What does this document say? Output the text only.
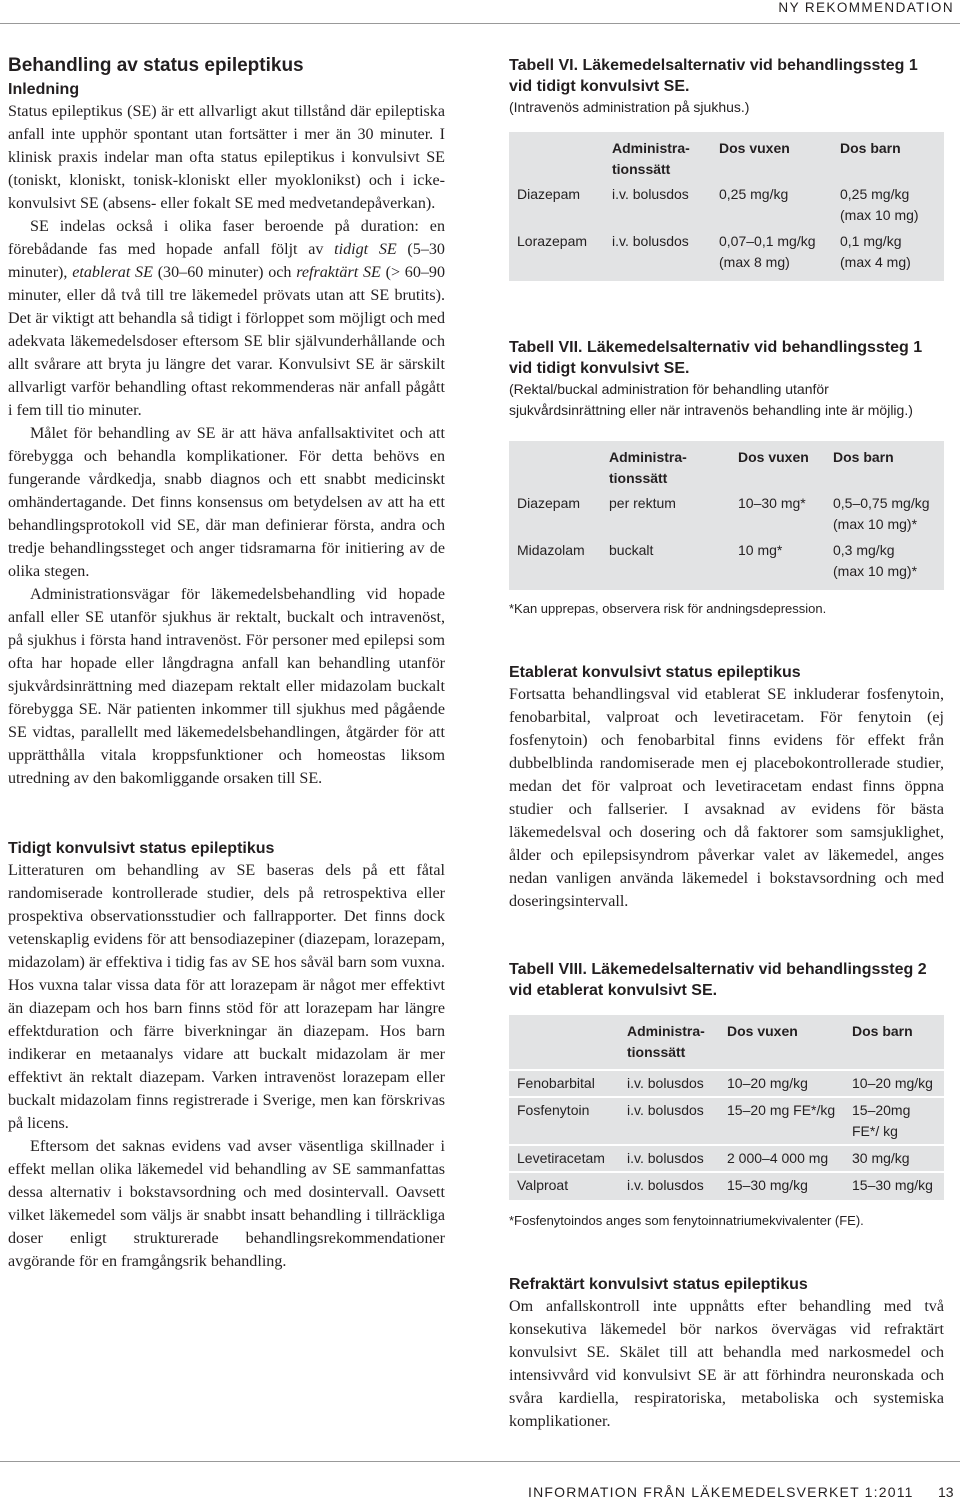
NY REKOMMENDATION

Behandling av status epileptikus

Inledning

Status epileptikus (SE) är ett allvarligt akut tillstånd där epileptiska anfall inte upphör spontant utan fortsätter i mer än 30 minuter. I klinisk praxis indelar man ofta status epileptikus i konvulsivt SE (toniskt, kloniskt, tonisk-kloniskt eller myoklonikst) och i icke-konvulsivt SE (absens- eller fokalt SE med medvetandepåverkan).

SE indelas också i olika faser beroende på duration: en förebådande fas med hopade anfall följt av tidigt SE (5–30 minuter), etablerat SE (30–60 minuter) och refraktärt SE (> 60–90 minuter, eller då två till tre läkemedel prövats utan att SE brutits). Det är viktigt att behandla så tidigt i förloppet som möjligt och med adekvata läkemedelsdoser eftersom SE blir självunderhållande och allt svårare att bryta ju längre det varar. Konvulsivt SE är särskilt allvarligt varför behandling oftast rekommenderas när anfall pågått i fem till tio minuter.

Målet för behandling av SE är att häva anfallsaktivitet och att förebygga och behandla komplikationer. För detta behövs en fungerande vårdkedja, snabb diagnos och ett snabbt medicinskt omhändertagande. Det finns konsensus om betydelsen av att ha ett behandlingsprotokoll vid SE, där man definierar första, andra och tredje behandlingssteget och anger tidsramarna för initiering av de olika stegen.

Administrationsvägar för läkemedelsbehandling vid hopade anfall eller SE utanför sjukhus är rektalt, buckalt och intravenöst, på sjukhus i första hand intravenöst. För personer med epilepsi som ofta har hopade eller långdragna anfall kan behandling utanför sjukvårdsinrättning med diazepam rektalt eller midazolam buckalt förebygga SE. När patienten inkommer till sjukhus med pågående SE vidtas, parallellt med läkemedelsbehandlingen, åtgärder för att upprätthålla vitala kroppsfunktioner och homeostas liksom utredning av den bakomliggande orsaken till SE.

Tidigt konvulsivt status epileptikus

Litteraturen om behandling av SE baseras dels på ett fåtal randomiserade kontrollerade studier, dels på retrospektiva eller prospektiva observationsstudier och fallrapporter. Det finns dock vetenskaplig evidens för att bensodiazepiner (diazepam, lorazepam, midazolam) är effektiva i tidig fas av SE hos såväl barn som vuxna. Hos vuxna talar vissa data för att lorazepam är något mer effektivt än diazepam och hos barn finns stöd för att lorazepam har längre effektduration och färre biverkningar än diazepam. Hos barn indikerar en metaanalys vidare att buckalt midazolam är mer effektivt än rektalt diazepam. Varken intravenöst lorazepam eller buckalt midazolam finns registrerade i Sverige, men kan förskrivas på licens.

Eftersom det saknas evidens vad avser väsentliga skillnader i effekt mellan olika läkemedel vid behandling av SE sammanfattas dessa alternativ i bokstavsordning och med dosintervall. Oavsett vilket läkemedel som väljs är snabbt insatt behandling i tillräckliga doser enligt strukturerade behandlingsrekommendationer avgörande för en framgångsrik behandling.

Tabell VI. Läkemedelsalternativ vid behandlingssteg 1 vid tidigt konvulsivt SE.

(Intravenös administration på sjukhus.)

	Administra-
tionssätt	Dos vuxen	Dos barn

Diazepam	i.v. bolusdos	0,25 mg/kg	0,25 mg/kg
(max 10 mg)

Lorazepam	i.v. bolusdos	0,07–0,1 mg/kg
(max 8 mg)	0,1 mg/kg
(max 4 mg)

Tabell VII. Läkemedelsalternativ vid behandlingssteg 1 vid tidigt konvulsivt SE.

(Rektal/buckal administration för behandling utanför sjukvårdsinrättning eller när intravenös behandling inte är möjlig.)

	Administra-
tionssätt	Dos vuxen	Dos barn

Diazepam	per rektum	10–30 mg*	0,5–0,75 mg/kg
(max 10 mg)*

Midazolam	buckalt	10 mg*	0,3 mg/kg
(max 10 mg)*

*Kan upprepas, observera risk för andningsdepression.

Etablerat konvulsivt status epileptikus

Fortsatta behandlingsval vid etablerat SE inkluderar fosfenytoin, fenobarbital, valproat och levetiracetam. För fenytoin (ej fosfenytoin) och fenobarbital finns evidens för effekt från dubbelblinda randomiserade men ej placebokontrollerade studier, medan det för valproat och levetiracetam endast finns öppna studier och fallserier. I avsaknad av evidens för bästa läkemedelsval och dosering och då faktorer som samsjuklighet, ålder och epilepsisyndrom påverkar valet av läkemedel, anges nedan vanligen använda läkemedel i bokstavsordning och med doseringsintervall.

Tabell VIII. Läkemedelsalternativ vid behandlingssteg 2 vid etablerat konvulsivt SE.

	Administra-
tionssätt	Dos vuxen	Dos barn

Fenobarbital	i.v. bolusdos	10–20 mg/kg	10–20 mg/kg

Fosfenytoin	i.v. bolusdos	15–20 mg FE*/kg	15–20mg
FE*/ kg

Levetiracetam	i.v. bolusdos	2 000–4 000 mg	30 mg/kg

Valproat	i.v. bolusdos	15–30 mg/kg	15–30 mg/kg

*Fosfenytoindos anges som fenytoinnatriumekvivalenter (FE).

Refraktärt konvulsivt status epileptikus

Om anfallskontroll inte uppnåtts efter behandling med två konsekutiva läkemedel bör narkos övervägas vid refraktärt konvulsivt SE. Skälet till att behandla med narkosmedel och intensivvård vid konvulsivt SE är att förhindra neuronskada och svåra kardiella, respiratoriska, metaboliska och systemiska komplikationer.

INFORMATION FRÅN LÄKEMEDELSVERKET 1:2011 13
